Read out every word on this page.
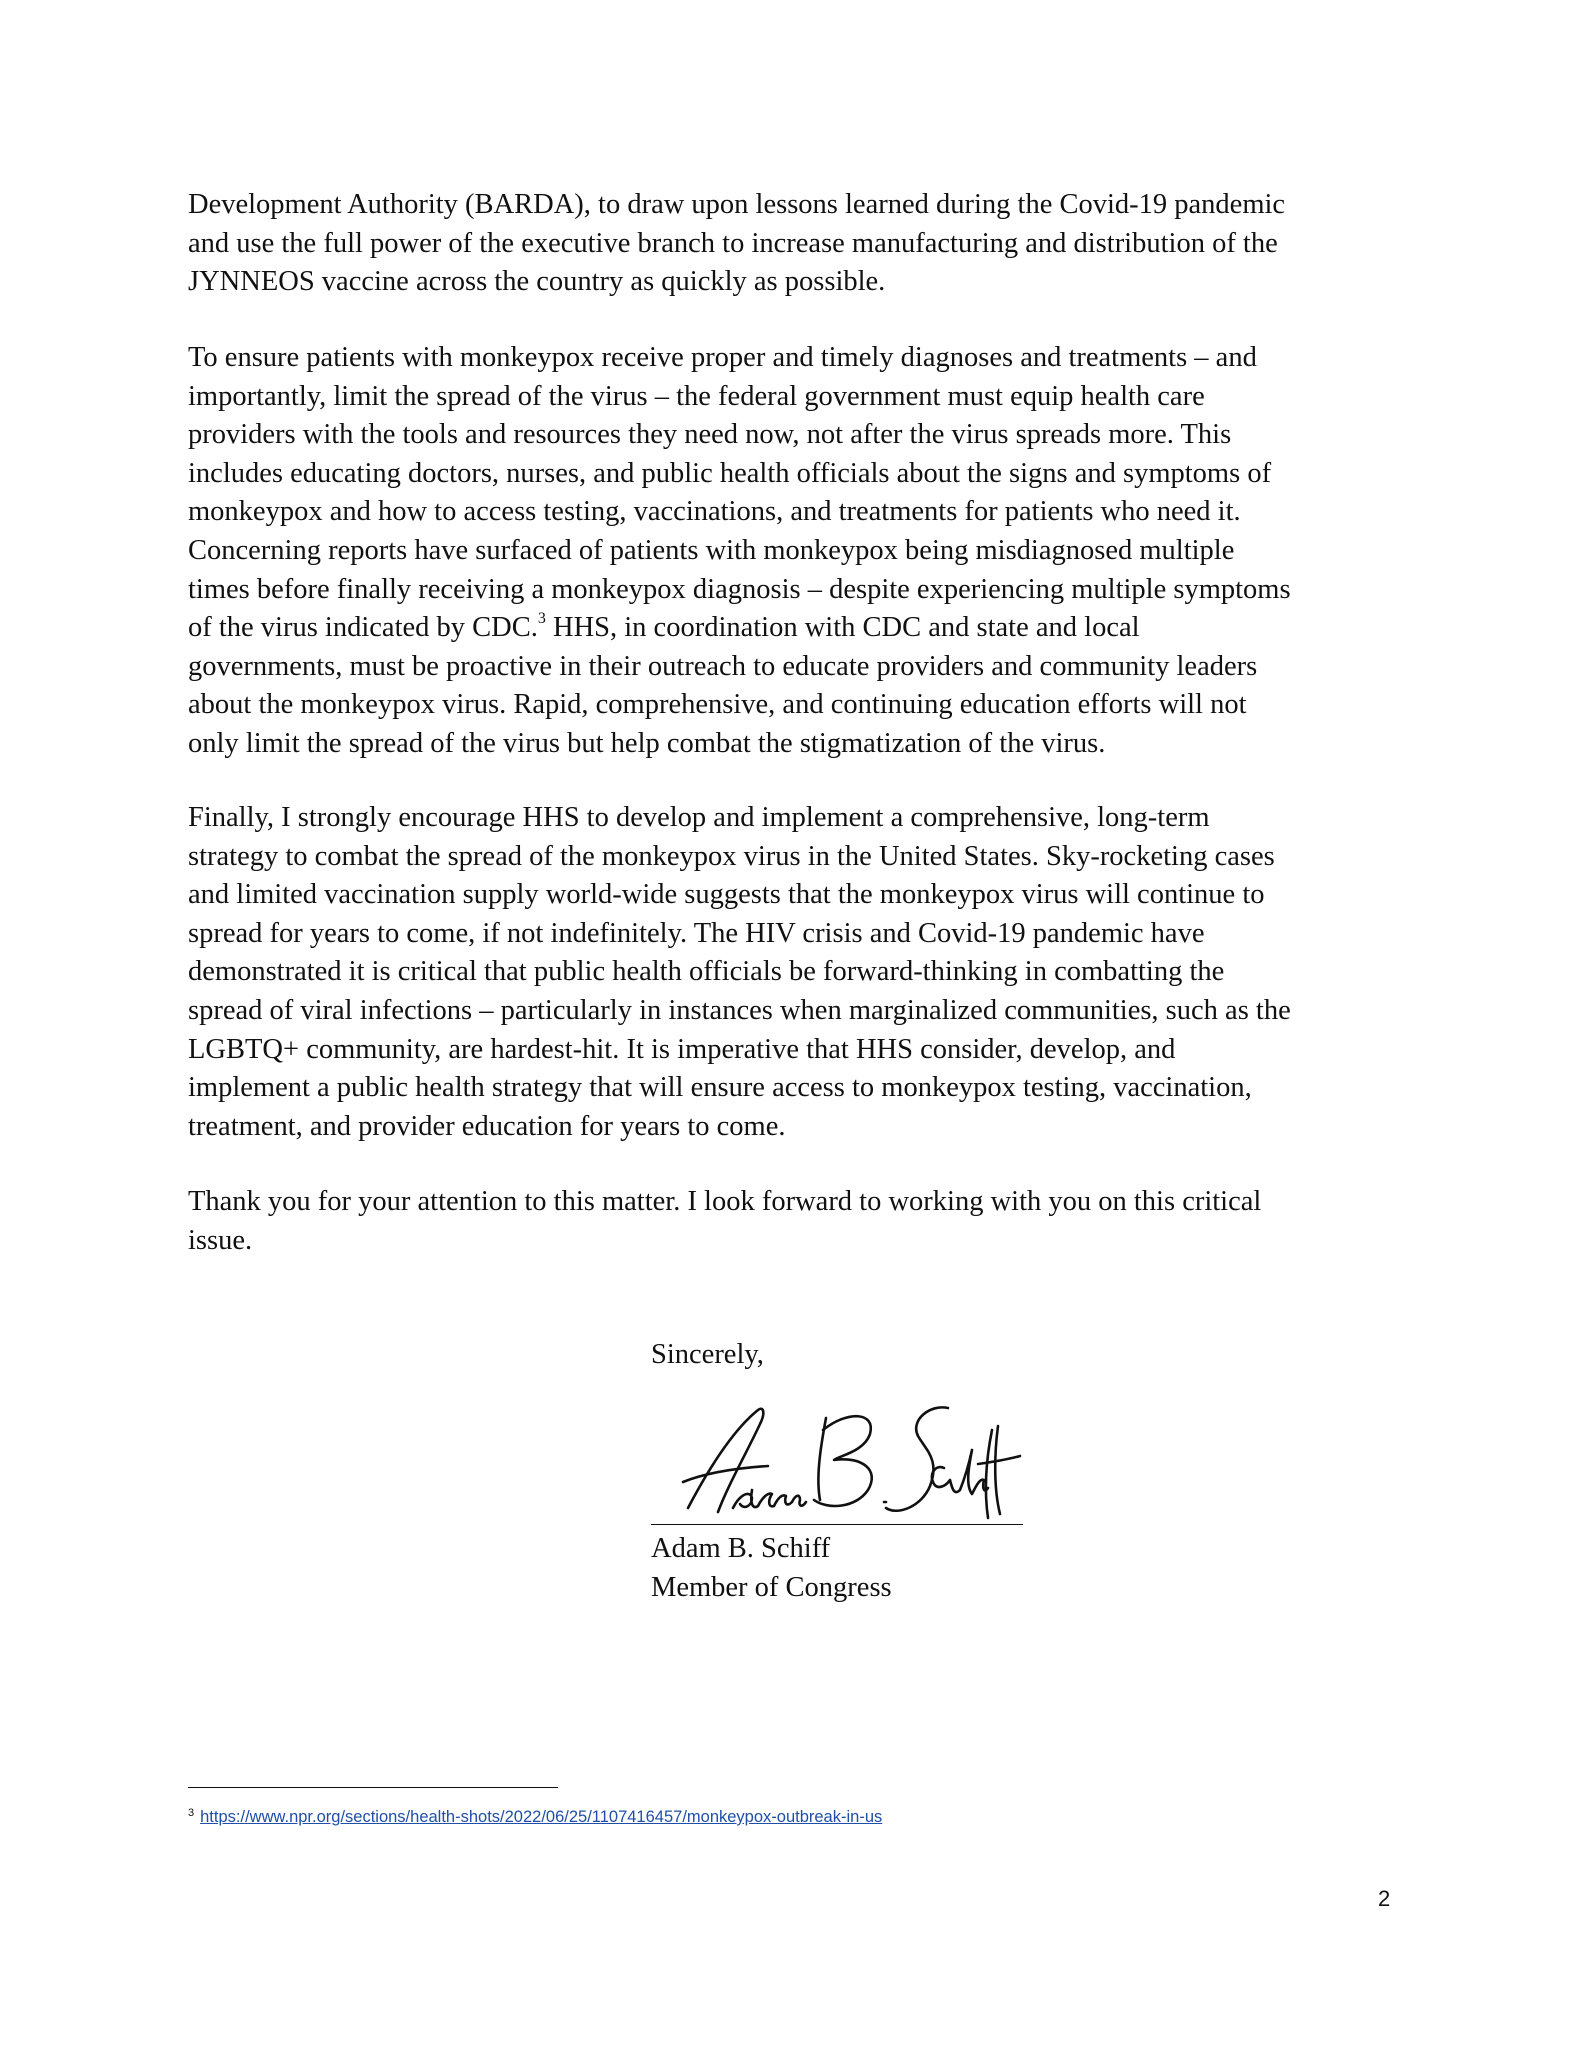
Development Authority (BARDA), to draw upon lessons learned during the Covid-19 pandemic
and use the full power of the executive branch to increase manufacturing and distribution of the
JYNNEOS vaccine across the country as quickly as possible.

To ensure patients with monkeypox receive proper and timely diagnoses and treatments – and
importantly, limit the spread of the virus – the federal government must equip health care
providers with the tools and resources they need now, not after the virus spreads more. This
includes educating doctors, nurses, and public health officials about the signs and symptoms of
monkeypox and how to access testing, vaccinations, and treatments for patients who need it.
Concerning reports have surfaced of patients with monkeypox being misdiagnosed multiple
times before finally receiving a monkeypox diagnosis – despite experiencing multiple symptoms
of the virus indicated by CDC.$^3$ HHS, in coordination with CDC and state and local
governments, must be proactive in their outreach to educate providers and community leaders
about the monkeypox virus. Rapid, comprehensive, and continuing education efforts will not
only limit the spread of the virus but help combat the stigmatization of the virus.

Finally, I strongly encourage HHS to develop and implement a comprehensive, long-term
strategy to combat the spread of the monkeypox virus in the United States. Sky-rocketing cases
and limited vaccination supply world-wide suggests that the monkeypox virus will continue to
spread for years to come, if not indefinitely. The HIV crisis and Covid-19 pandemic have
demonstrated it is critical that public health officials be forward-thinking in combatting the
spread of viral infections – particularly in instances when marginalized communities, such as the
LGBTQ+ community, are hardest-hit. It is imperative that HHS consider, develop, and
implement a public health strategy that will ensure access to monkeypox testing, vaccination,
treatment, and provider education for years to come.

Thank you for your attention to this matter. I look forward to working with you on this critical
issue.

Sincerely,
Adam B. Schiff
Member of Congress
$^3$ https://www.npr.org/sections/health-shots/2022/06/25/1107416457/monkeypox-outbreak-in-us
2
